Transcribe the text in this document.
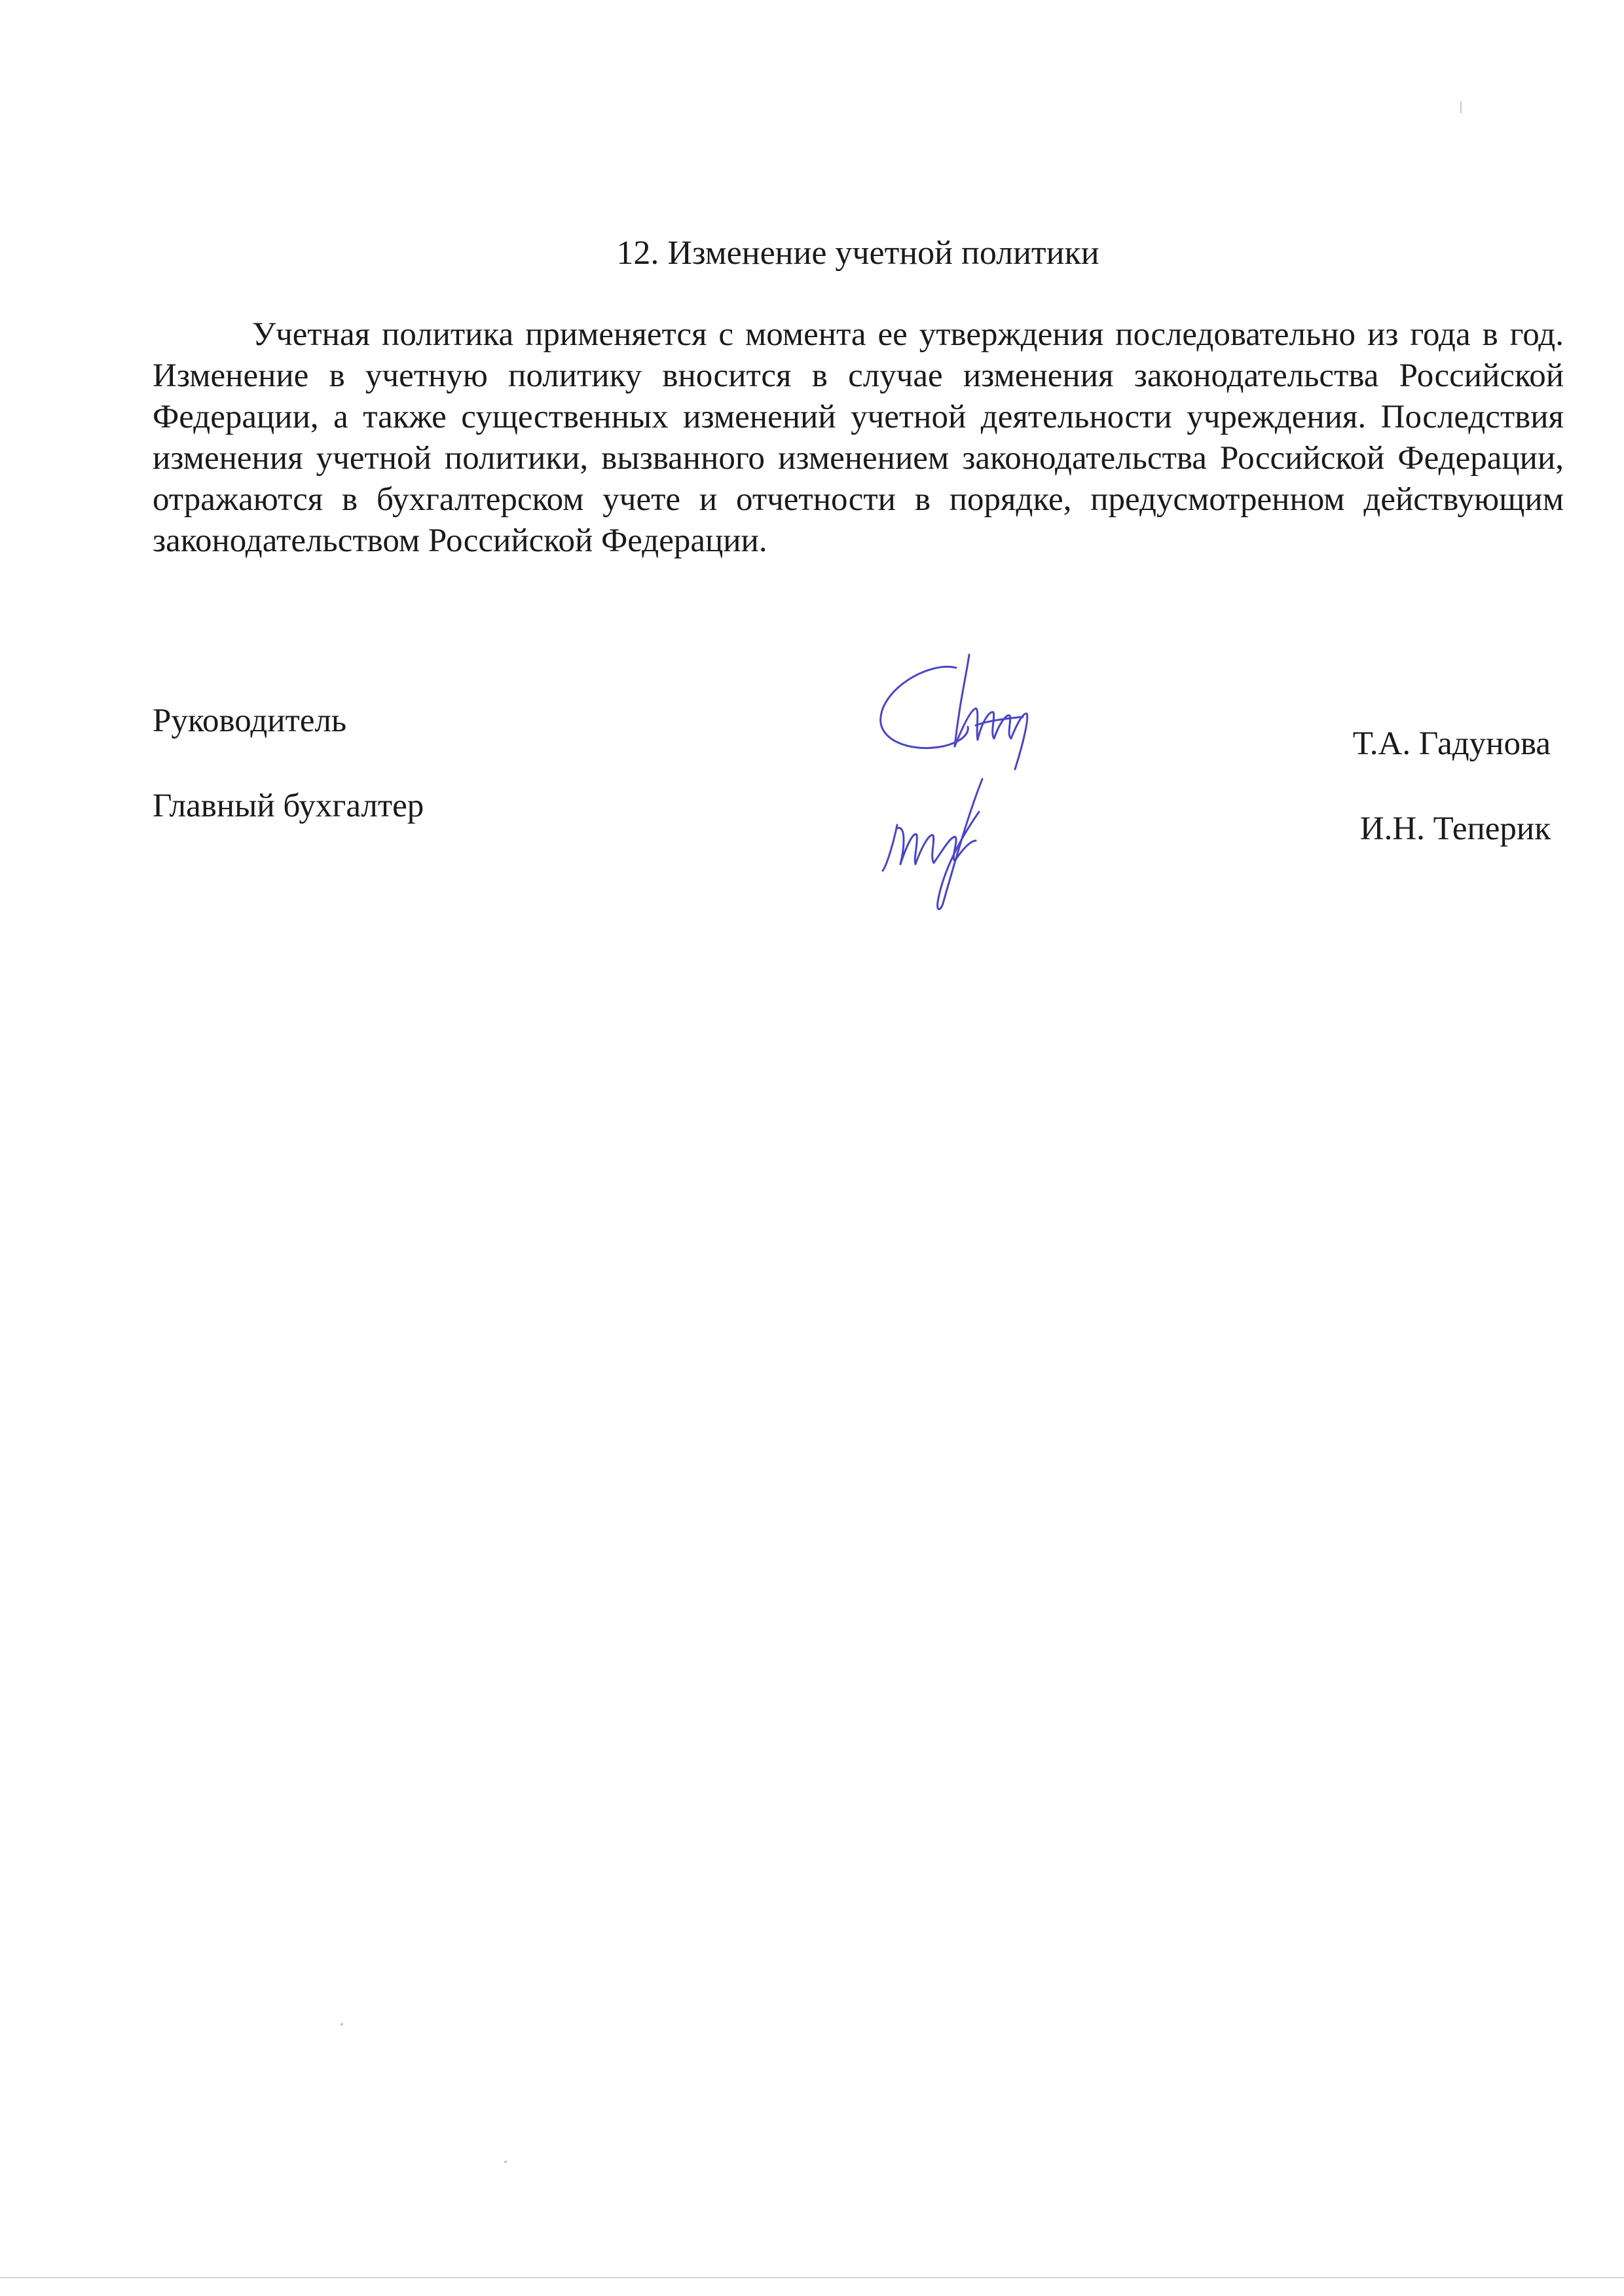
12. Изменение учетной политики

Учетная политика применяется с момента ее утверждения последовательно из года в год. Изменение в учетную политику вносится в случае изменения законодательства Российской Федерации, а также существенных изменений учетной деятельности учреждения. Последствия изменения учетной политики, вызванного изменением законодательства Российской Федерации, отражаются в бухгалтерском учете и отчетности в порядке, предусмотренном действующим законодательством Российской Федерации.

Руководитель
Т.А. Гадунова
Главный бухгалтер
И.Н. Теперик
